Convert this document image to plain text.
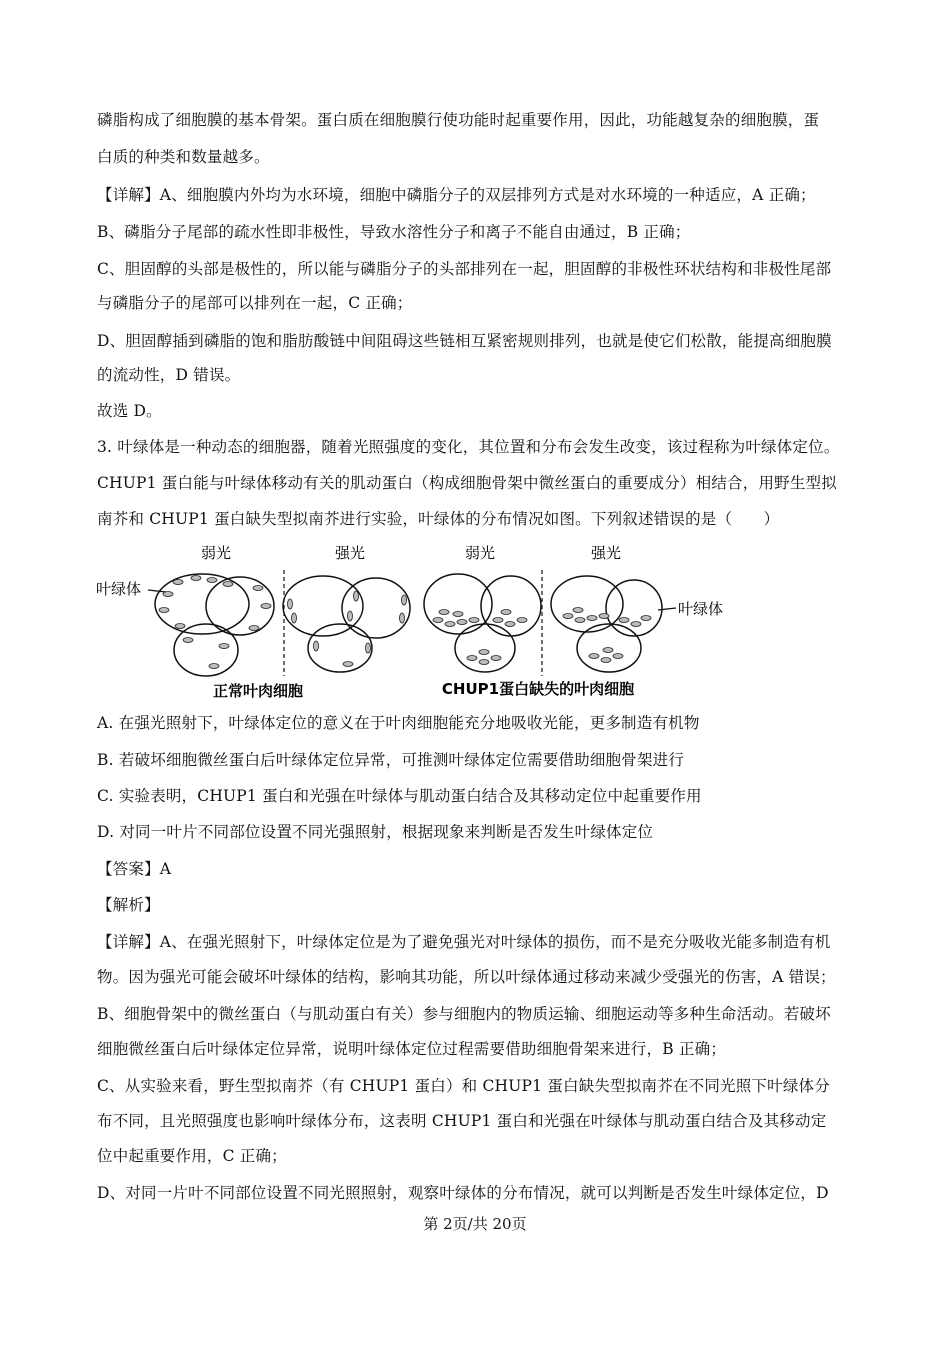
磷脂构成了细胞膜的基本骨架。蛋白质在细胞膜行使功能时起重要作用，因此，功能越复杂的细胞膜，蛋
白质的种类和数量越多。
【详解】A、细胞膜内外均为水环境，细胞中磷脂分子的双层排列方式是对水环境的一种适应，A 正确；
B、磷脂分子尾部的疏水性即非极性，导致水溶性分子和离子不能自由通过，B 正确；
C、胆固醇的头部是极性的，所以能与磷脂分子的头部排列在一起，胆固醇的非极性环状结构和非极性尾部
与磷脂分子的尾部可以排列在一起，C 正确；
D、胆固醇插到磷脂的饱和脂肪酸链中间阻碍这些链相互紧密规则排列，也就是使它们松散，能提高细胞膜
的流动性，D 错误。
故选 D。
3. 叶绿体是一种动态的细胞器，随着光照强度的变化，其位置和分布会发生改变，该过程称为叶绿体定位。
CHUP1 蛋白能与叶绿体移动有关的肌动蛋白（构成细胞骨架中微丝蛋白的重要成分）相结合，用野生型拟
南芥和 CHUP1 蛋白缺失型拟南芥进行实验，叶绿体的分布情况如图。下列叙述错误的是（　　）
弱光	强光	弱光	强光
叶绿体
叶绿体
正常叶肉细胞	CHUP1蛋白缺失的叶肉细胞
A. 在强光照射下，叶绿体定位的意义在于叶肉细胞能充分地吸收光能，更多制造有机物
B. 若破坏细胞微丝蛋白后叶绿体定位异常，可推测叶绿体定位需要借助细胞骨架进行
C. 实验表明，CHUP1 蛋白和光强在叶绿体与肌动蛋白结合及其移动定位中起重要作用
D. 对同一叶片不同部位设置不同光强照射，根据现象来判断是否发生叶绿体定位
【答案】A
【解析】
【详解】A、在强光照射下，叶绿体定位是为了避免强光对叶绿体的损伤，而不是充分吸收光能多制造有机
物。因为强光可能会破坏叶绿体的结构，影响其功能，所以叶绿体通过移动来减少受强光的伤害，A 错误；
B、细胞骨架中的微丝蛋白（与肌动蛋白有关）参与细胞内的物质运输、细胞运动等多种生命活动。若破坏
细胞微丝蛋白后叶绿体定位异常，说明叶绿体定位过程需要借助细胞骨架来进行，B 正确；
C、从实验来看，野生型拟南芥（有 CHUP1 蛋白）和 CHUP1 蛋白缺失型拟南芥在不同光照下叶绿体分
布不同，且光照强度也影响叶绿体分布，这表明 CHUP1 蛋白和光强在叶绿体与肌动蛋白结合及其移动定
位中起重要作用，C 正确；
D、对同一片叶不同部位设置不同光照照射，观察叶绿体的分布情况，就可以判断是否发生叶绿体定位，D
第 2页/共 20页
